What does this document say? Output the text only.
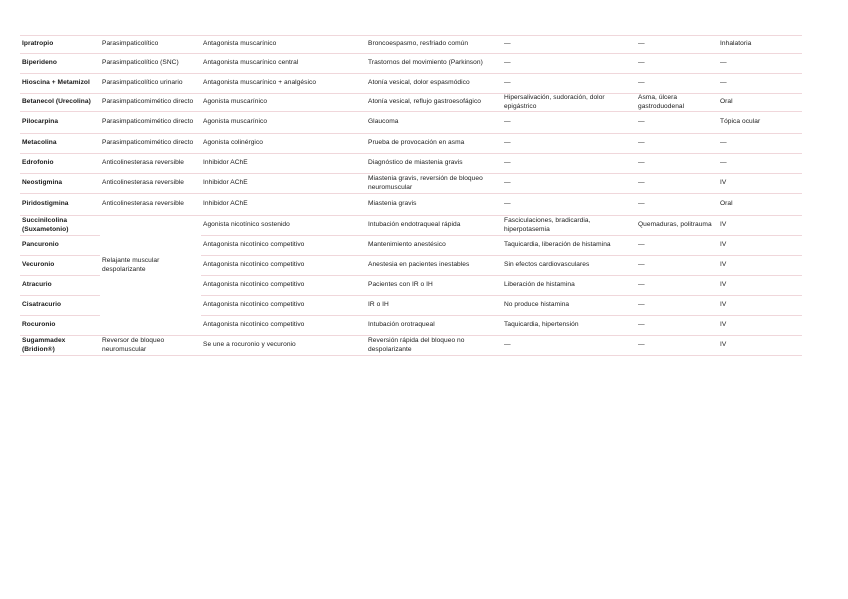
Ipratropio	Parasimpaticolítico	Antagonista muscarínico	Broncoespasmo, resfriado común	—	—	Inhalatoria
Biperideno	Parasimpaticolítico (SNC)	Antagonista muscarínico central	Trastornos del movimiento (Parkinson)	—	—	—
Hioscina + Metamizol	Parasimpaticolítico urinario	Antagonista muscarínico + analgésico	Atonía vesical, dolor espasmódico	—	—	—
Betanecol (Urecolina)	Parasimpaticomimético directo	Agonista muscarínico	Atonía vesical, reflujo gastroesofágico	Hipersalivación, sudoración, dolor epigástrico	Asma, úlcera gastroduodenal	Oral
Pilocarpina	Parasimpaticomimético directo	Agonista muscarínico	Glaucoma	—	—	Tópica ocular
Metacolina	Parasimpaticomimético directo	Agonista colinérgico	Prueba de provocación en asma	—	—	—
Edrofonio	Anticolinesterasa reversible	Inhibidor AChE	Diagnóstico de miastenia gravis	—	—	—
Neostigmina	Anticolinesterasa reversible	Inhibidor AChE	Miastenia gravis, reversión de bloqueo neuromuscular	—	—	IV
Piridostigmina	Anticolinesterasa reversible	Inhibidor AChE	Miastenia gravis	—	—	Oral
Succinilcolina (Suxametonio)		Agonista nicotínico sostenido	Intubación endotraqueal rápida	Fasciculaciones, bradicardia, hiperpotasemia	Quemaduras, politrauma	IV
Pancuronio		Antagonista nicotínico competitivo	Mantenimiento anestésico	Taquicardia, liberación de histamina	—	IV
Vecuronio	Relajante muscular despolarizante	Antagonista nicotínico competitivo	Anestesia en pacientes inestables	Sin efectos cardiovasculares	—	IV
Atracurio		Antagonista nicotínico competitivo	Pacientes con IR o IH	Liberación de histamina	—	IV
Cisatracurio		Antagonista nicotínico competitivo	IR o IH	No produce histamina	—	IV
Rocuronio		Antagonista nicotínico competitivo	Intubación orotraqueal	Taquicardia, hipertensión	—	IV
Sugammadex (Bridion®)	Reversor de bloqueo neuromuscular	Se une a rocuronio y vecuronio	Reversión rápida del bloqueo no despolarizante	—	—	IV
